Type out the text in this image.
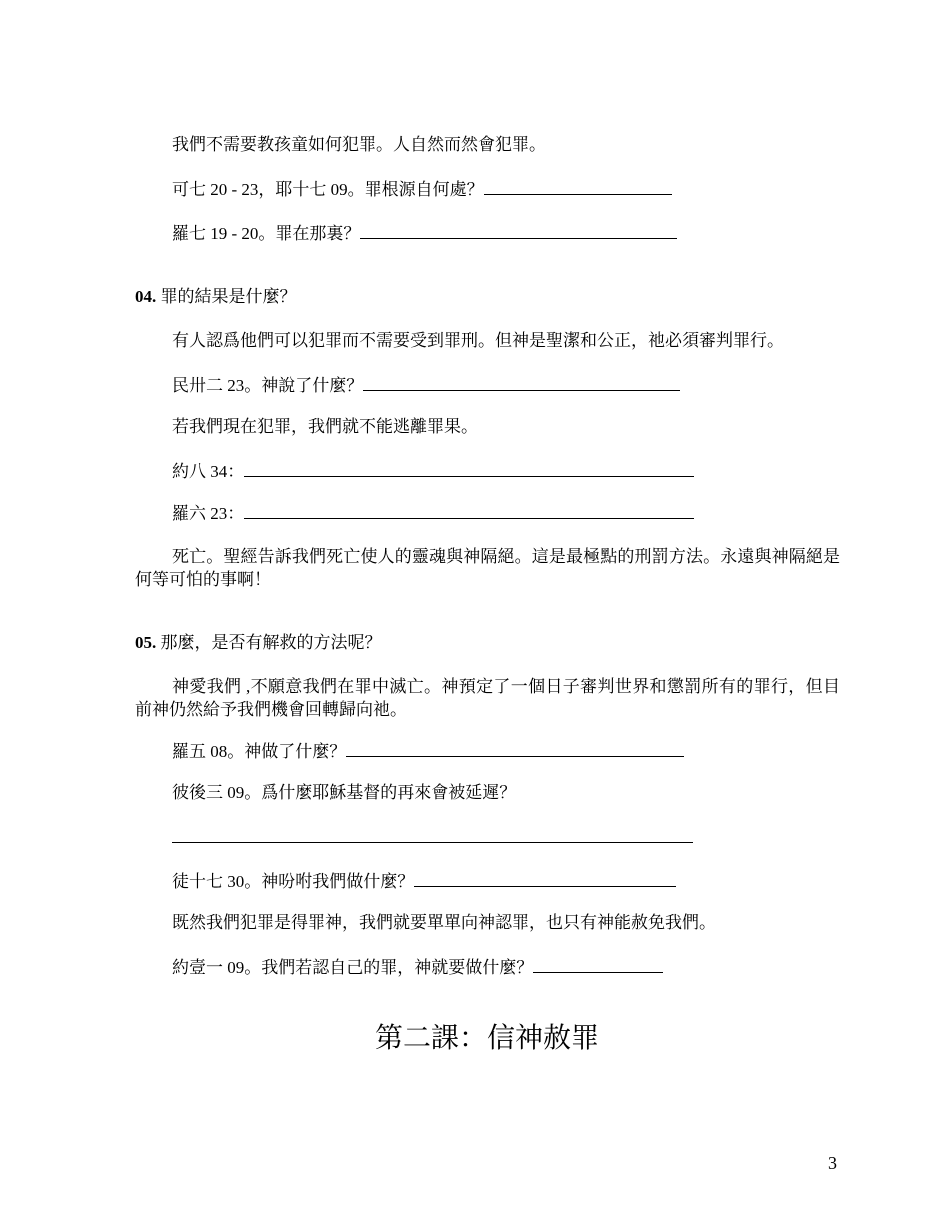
我們不需要教孩童如何犯罪。人自然而然會犯罪。
可七 20 - 23，耶十七 09。罪根源自何處？
羅七 19 - 20。罪在那裏？
04. 罪的結果是什麼？
有人認爲他們可以犯罪而不需要受到罪刑。但神是聖潔和公正，祂必須審判罪行。
民卅二 23。神說了什麼？
若我們現在犯罪，我們就不能逃離罪果。
約八 34：
羅六 23：
死亡。聖經告訴我們死亡使人的靈魂與神隔絕。這是最極點的刑罰方法。永遠與神隔絕是何等可怕的事啊！
05. 那麼，是否有解救的方法呢？
神愛我們 ,不願意我們在罪中滅亡。神預定了一個日子審判世界和懲罰所有的罪行，但目前神仍然給予我們機會回轉歸向祂。
羅五 08。神做了什麼？
彼後三 09。爲什麼耶穌基督的再來會被延遲？
徒十七 30。神吩咐我們做什麼？
既然我們犯罪是得罪神，我們就要單單向神認罪，也只有神能赦免我們。
約壹一 09。我們若認自己的罪，神就要做什麼？
第二課：信神赦罪
3
